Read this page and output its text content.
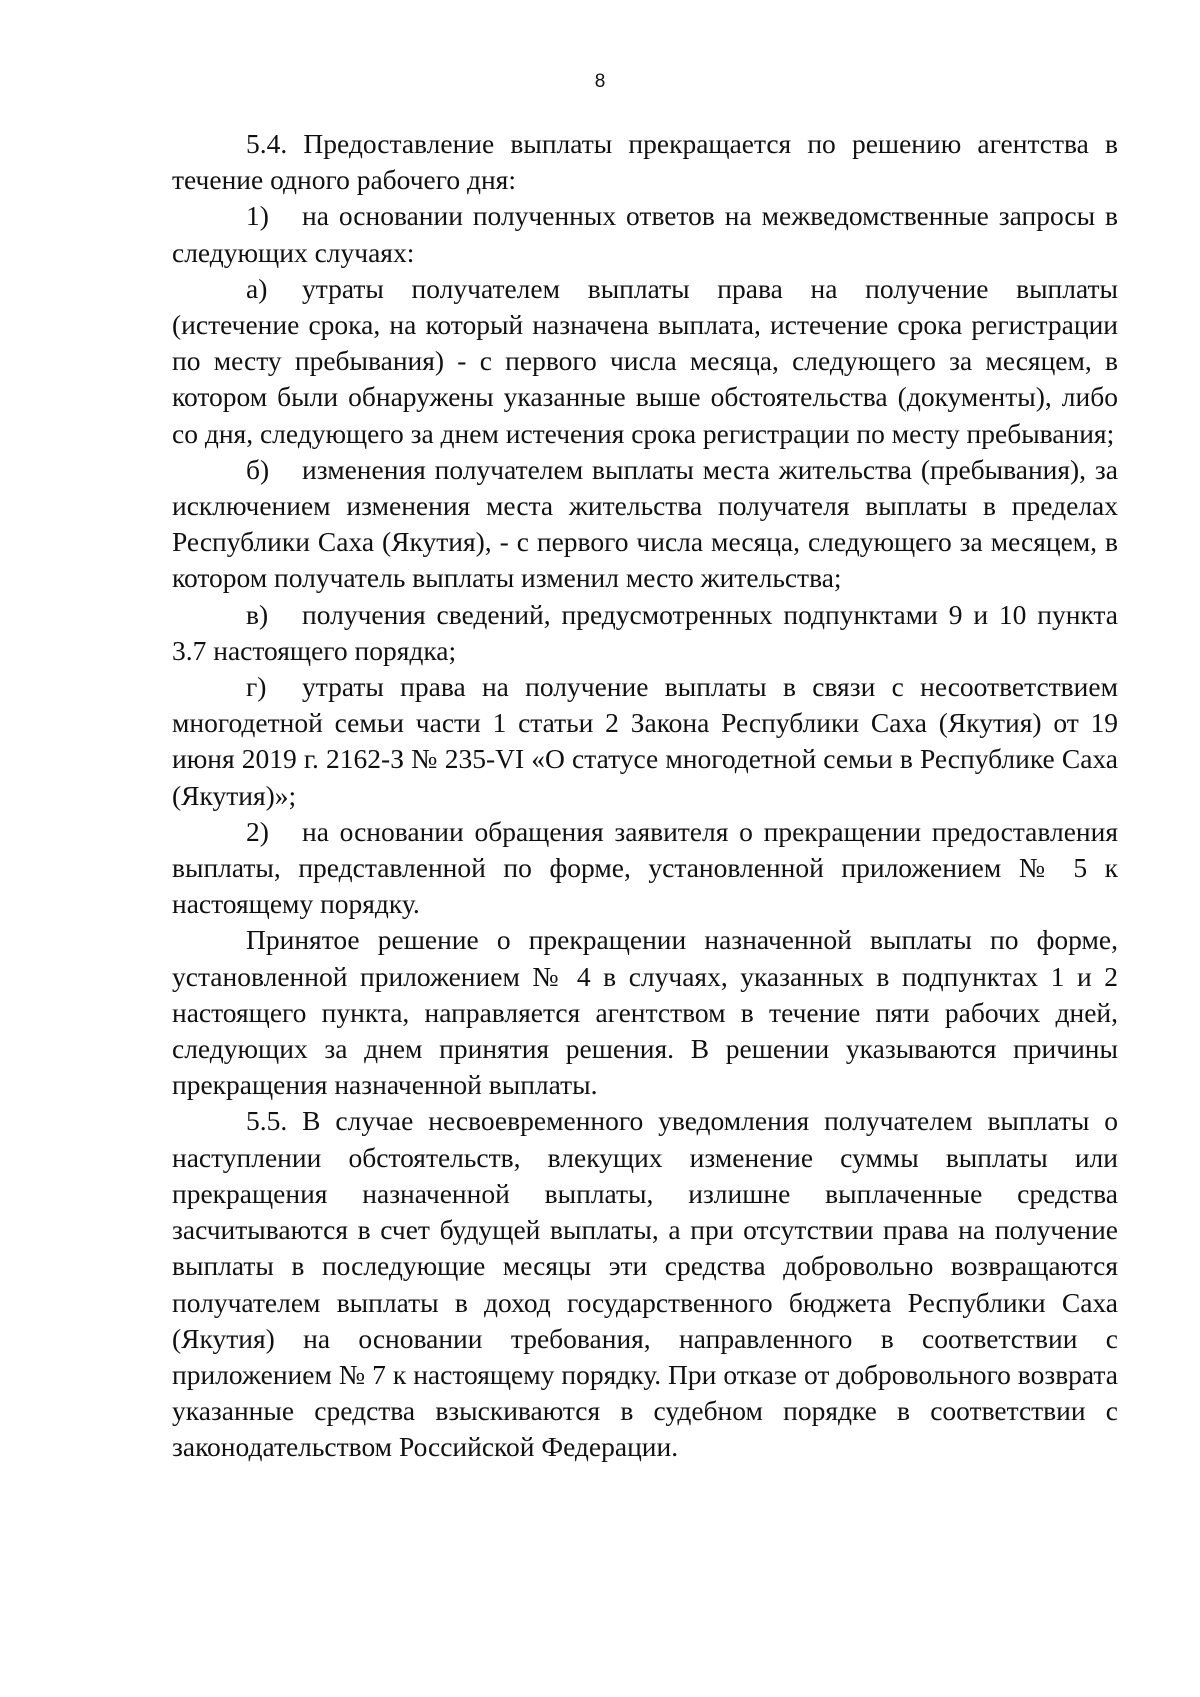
8

5.4. Предоставление выплаты прекращается по решению агентства в течение одного рабочего дня:

1) на основании полученных ответов на межведомственные запросы в следующих случаях:

а) утраты получателем выплаты права на получение выплаты (истечение срока, на который назначена выплата, истечение срока регистрации по месту пребывания) - с первого числа месяца, следующего за месяцем, в котором были обнаружены указанные выше обстоятельства (документы), либо со дня, следующего за днем истечения срока регистрации по месту пребывания;

б) изменения получателем выплаты места жительства (пребывания), за исключением изменения места жительства получателя выплаты в пределах Республики Саха (Якутия), - с первого числа месяца, следующего за месяцем, в котором получатель выплаты изменил место жительства;

в) получения сведений, предусмотренных подпунктами 9 и 10 пункта 3.7 настоящего порядка;

г) утраты права на получение выплаты в связи с несоответствием многодетной семьи части 1 статьи 2 Закона Республики Саха (Якутия) от 19 июня 2019 г. 2162-З № 235-VI «О статусе многодетной семьи в Республике Саха (Якутия)»;

2) на основании обращения заявителя о прекращении предоставления выплаты, представленной по форме, установленной приложением № 5 к настоящему порядку.

Принятое решение о прекращении назначенной выплаты по форме, установленной приложением № 4 в случаях, указанных в подпунктах 1 и 2 настоящего пункта, направляется агентством в течение пяти рабочих дней, следующих за днем принятия решения. В решении указываются причины прекращения назначенной выплаты.

5.5. В случае несвоевременного уведомления получателем выплаты о наступлении обстоятельств, влекущих изменение суммы выплаты или прекращения назначенной выплаты, излишне выплаченные средства засчитываются в счет будущей выплаты, а при отсутствии права на получение выплаты в последующие месяцы эти средства добровольно возвращаются получателем выплаты в доход государственного бюджета Республики Саха (Якутия) на основании требования, направленного в соответствии с приложением № 7 к настоящему порядку. При отказе от добровольного возврата указанные средства взыскиваются в судебном порядке в соответствии с законодательством Российской Федерации.
